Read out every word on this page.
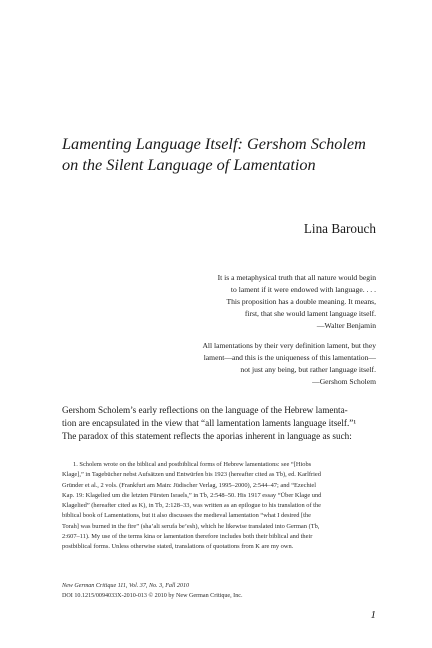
Lamenting Language Itself: Gershom Scholem
on the Silent Language of Lamentation
Lina Barouch
It is a metaphysical truth that all nature would begin
to lament if it were endowed with language. . . .
This proposition has a double meaning. It means,
first, that she would lament language itself.
—Walter Benjamin
All lamentations by their very definition lament, but they
lament—and this is the uniqueness of this lamentation—
not just any being, but rather language itself.
—Gershom Scholem
Gershom Scholem’s early reflections on the language of the Hebrew lamenta-
tion are encapsulated in the view that “all lamentation laments language itself.”¹
The paradox of this statement reflects the aporias inherent in language as such:
1. Scholem wrote on the biblical and postbiblical forms of Hebrew lamentations: see “[Hiobs
Klage],” in Tagebücher nebst Aufsätzen und Entwürfen bis 1923 (hereafter cited as Tb), ed. Karlfried
Gründer et al., 2 vols. (Frankfurt am Main: Jüdischer Verlag, 1995–2000), 2:544–47; and “Ezechiel
Kap. 19: Klagelied um die letzten Fürsten Israels,” in Tb, 2:548–50. His 1917 essay “Über Klage und
Klagelied” (hereafter cited as K), in Tb, 2:128–33, was written as an epilogue to his translation of the
biblical book of Lamentations, but it also discusses the medieval lamentation “what I desired [the
Torah] was burned in the fire” (sha’ali serufa be’esh), which he likewise translated into German (Tb,
2:607–11). My use of the terms kina or lamentation therefore includes both their biblical and their
postbiblical forms. Unless otherwise stated, translations of quotations from K are my own.
New German Critique 111, Vol. 37, No. 3, Fall 2010
DOI 10.1215/0094033X-2010-013 © 2010 by New German Critique, Inc.
1
